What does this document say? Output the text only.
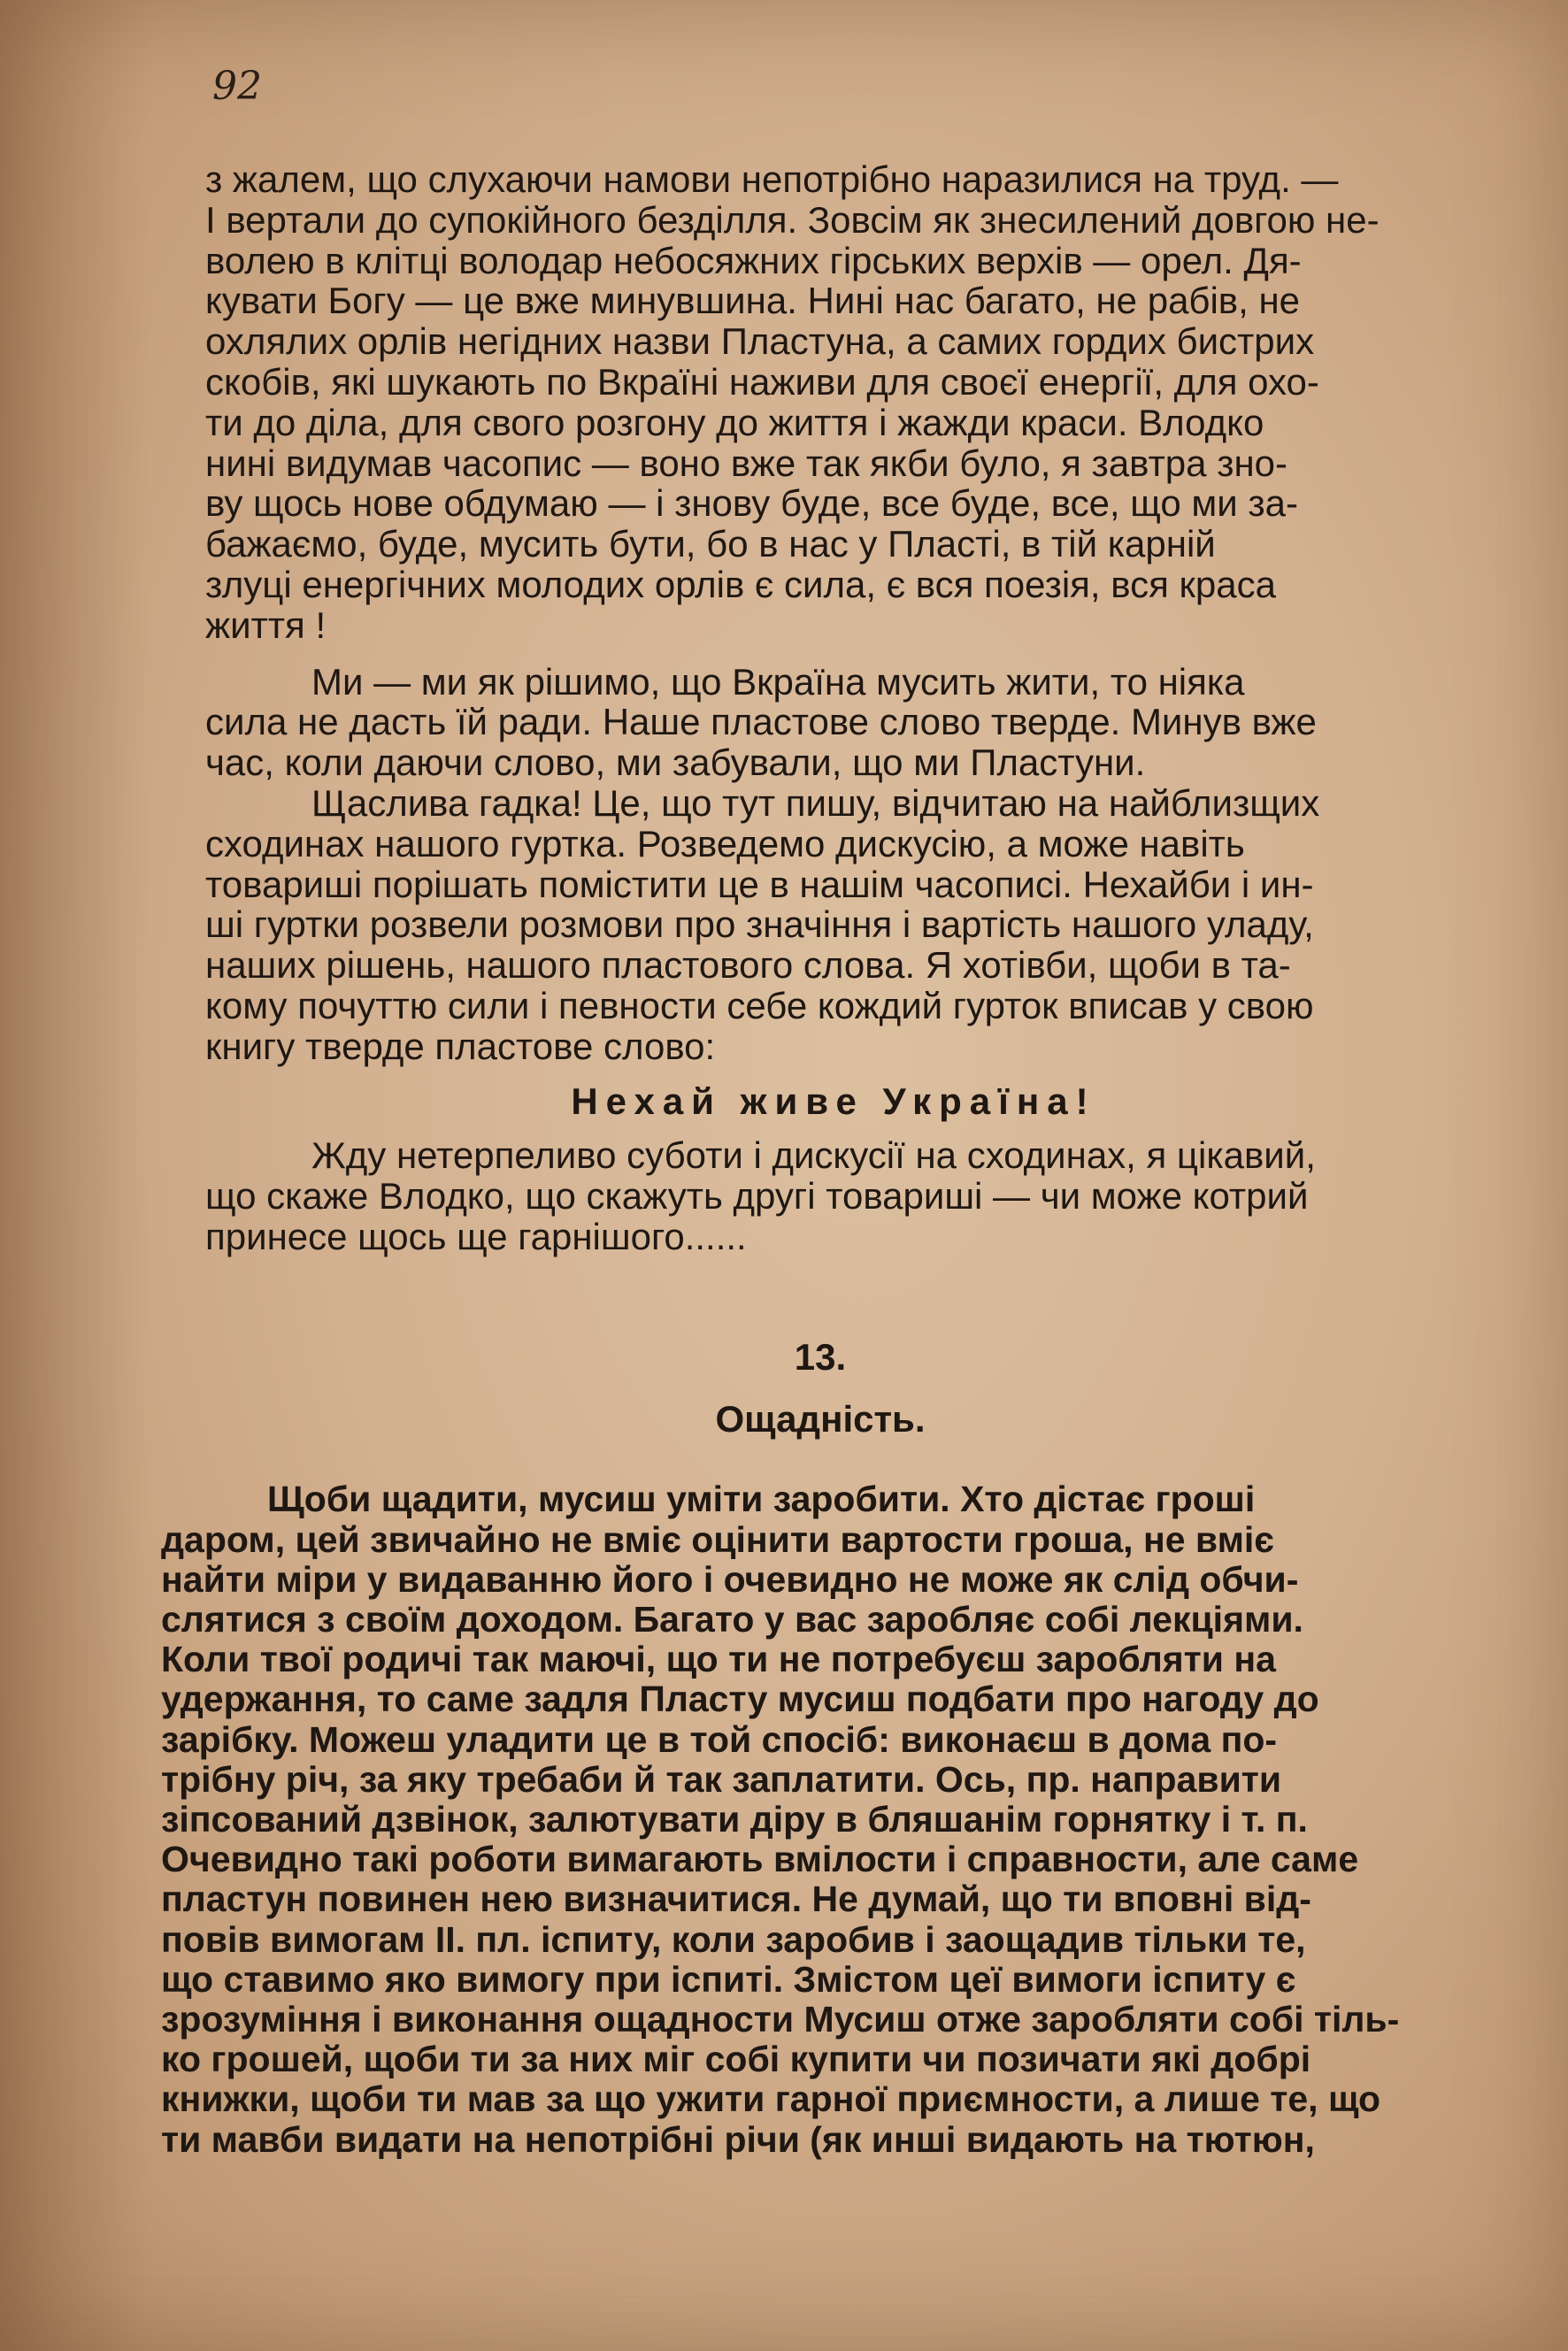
92
з жалем, що слухаючи намови непотрібно наразилися на труд. —
І вертали до супокійного безділля. Зовсім як знесилений довгою не-
волею в клітці володар небосяжних гірських верхів — орел. Дя-
кувати Богу — це вже минувшина. Нині нас багато, не рабів, не
охлялих орлів негідних назви Пластуна, а самих гордих бистрих
скобів, які шукають по Вкраїні наживи для своєї енергії, для охо-
ти до діла, для свого розгону до життя і жажди краси. Влодко
нині видумав часопис — воно вже так якби було, я завтра зно-
ву щось нове обдумаю — і знову буде, все буде, все, що ми за-
бажаємо, буде, мусить бути, бо в нас у Пласті, в тій карній
злуці енергічних молодих орлів є сила, є вся поезія, вся краса
життя !
Ми — ми як рішимо, що Вкраїна мусить жити, то ніяка
сила не дасть їй ради. Наше пластове слово тверде. Минув вже
час, коли даючи слово, ми забували, що ми Пластуни.
Щаслива гадка! Це, що тут пишу, відчитаю на найблизщих
сходинах нашого гуртка. Розведемо дискусію, а може навіть
товариші порішать помістити це в нашім часописі. Нехайби і ин-
ші гуртки розвели розмови про значіння і вартість нашого уладу,
наших рішень, нашого пластового слова. Я хотівби, щоби в та-
кому почуттю сили і певности себе кождий гурток вписав у свою
книгу тверде пластове слово:
Нехай живе Україна!
Жду нетерпеливо суботи і дискусії на сходинах, я цікавий,
що скаже Влодко, що скажуть другі товариші — чи може котрий
принесе щось ще гарнішого......
13.
Ощадність.
Щоби щадити, мусиш уміти заробити. Хто дістає гроші
даром, цей звичайно не вміє оцінити вартости гроша, не вміє
найти міри у видаванню його і очевидно не може як слід обчи-
слятися з своїм доходом. Багато у вас заробляє собі лекціями.
Коли твої родичі так маючі, що ти не потребуєш заробляти на
удержання, то саме задля Пласту мусиш подбати про нагоду до
зарібку. Можеш уладити це в той спосіб: виконаєш в дома по-
трібну річ, за яку требаби й так заплатити. Ось, пр. направити
зіпсований дзвінок, залютувати діру в бляшанім горнятку і т. п.
Очевидно такі роботи вимагають вмілости і справности, але саме
пластун повинен нею визначитися. Не думай, що ти вповні від-
повів вимогам II. пл. іспиту, коли заробив і заощадив тільки те,
що ставимо яко вимогу при іспиті. Змістом цеї вимоги іспиту є
зрозуміння і виконання ощадности Мусиш отже заробляти собі тіль-
ко грошей, щоби ти за них міг собі купити чи позичати які добрі
книжки, щоби ти мав за що ужити гарної приємности, а лише те, що
ти мавби видати на непотрібні річи (як инші видають на тютюн,
